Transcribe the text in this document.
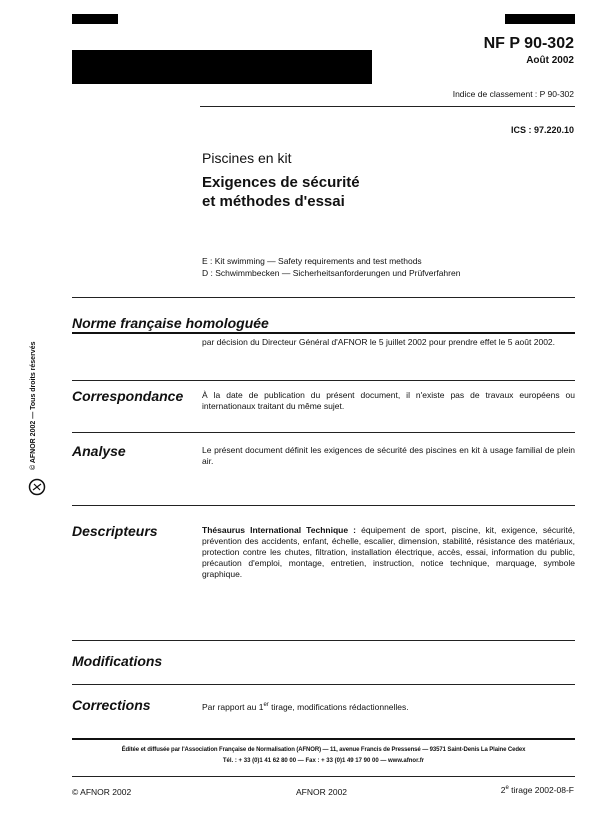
NF P 90-302
Août 2002
Indice de classement : P 90-302
ICS : 97.220.10
Piscines en kit
Exigences de sécurité
et méthodes d'essai
E : Kit swimming — Safety requirements and test methods
D : Schwimmbecken — Sicherheitsanforderungen und Prüfverfahren
© AFNOR 2002 — Tous droits réservés
Norme française homologuée
par décision du Directeur Général d'AFNOR le 5 juillet 2002 pour prendre effet le 5 août 2002.
Correspondance À la date de publication du présent document, il n'existe pas de travaux européens ou internationaux traitant du même sujet.
Analyse	Le présent document définit les exigences de sécurité des piscines en kit à usage familial de plein air.
Descripteurs	Thésaurus International Technique : équipement de sport, piscine, kit, exigence, sécurité, prévention des accidents, enfant, échelle, escalier, dimension, stabilité, résistance des matériaux, protection contre les chutes, filtration, installation électrique, accès, essai, information du public, précaution d'emploi, montage, entretien, instruction, notice technique, marquage, symbole graphique.
Modifications
Corrections	Par rapport au 1er tirage, modifications rédactionnelles.
Éditée et diffusée par l'Association Française de Normalisation (AFNOR) — 11, avenue Francis de Pressensé — 93571 Saint-Denis La Plaine Cedex
Tél. : + 33 (0)1 41 62 80 00 — Fax : + 33 (0)1 49 17 90 00 — www.afnor.fr
© AFNOR 2002	AFNOR 2002	2e tirage 2002-08-F
